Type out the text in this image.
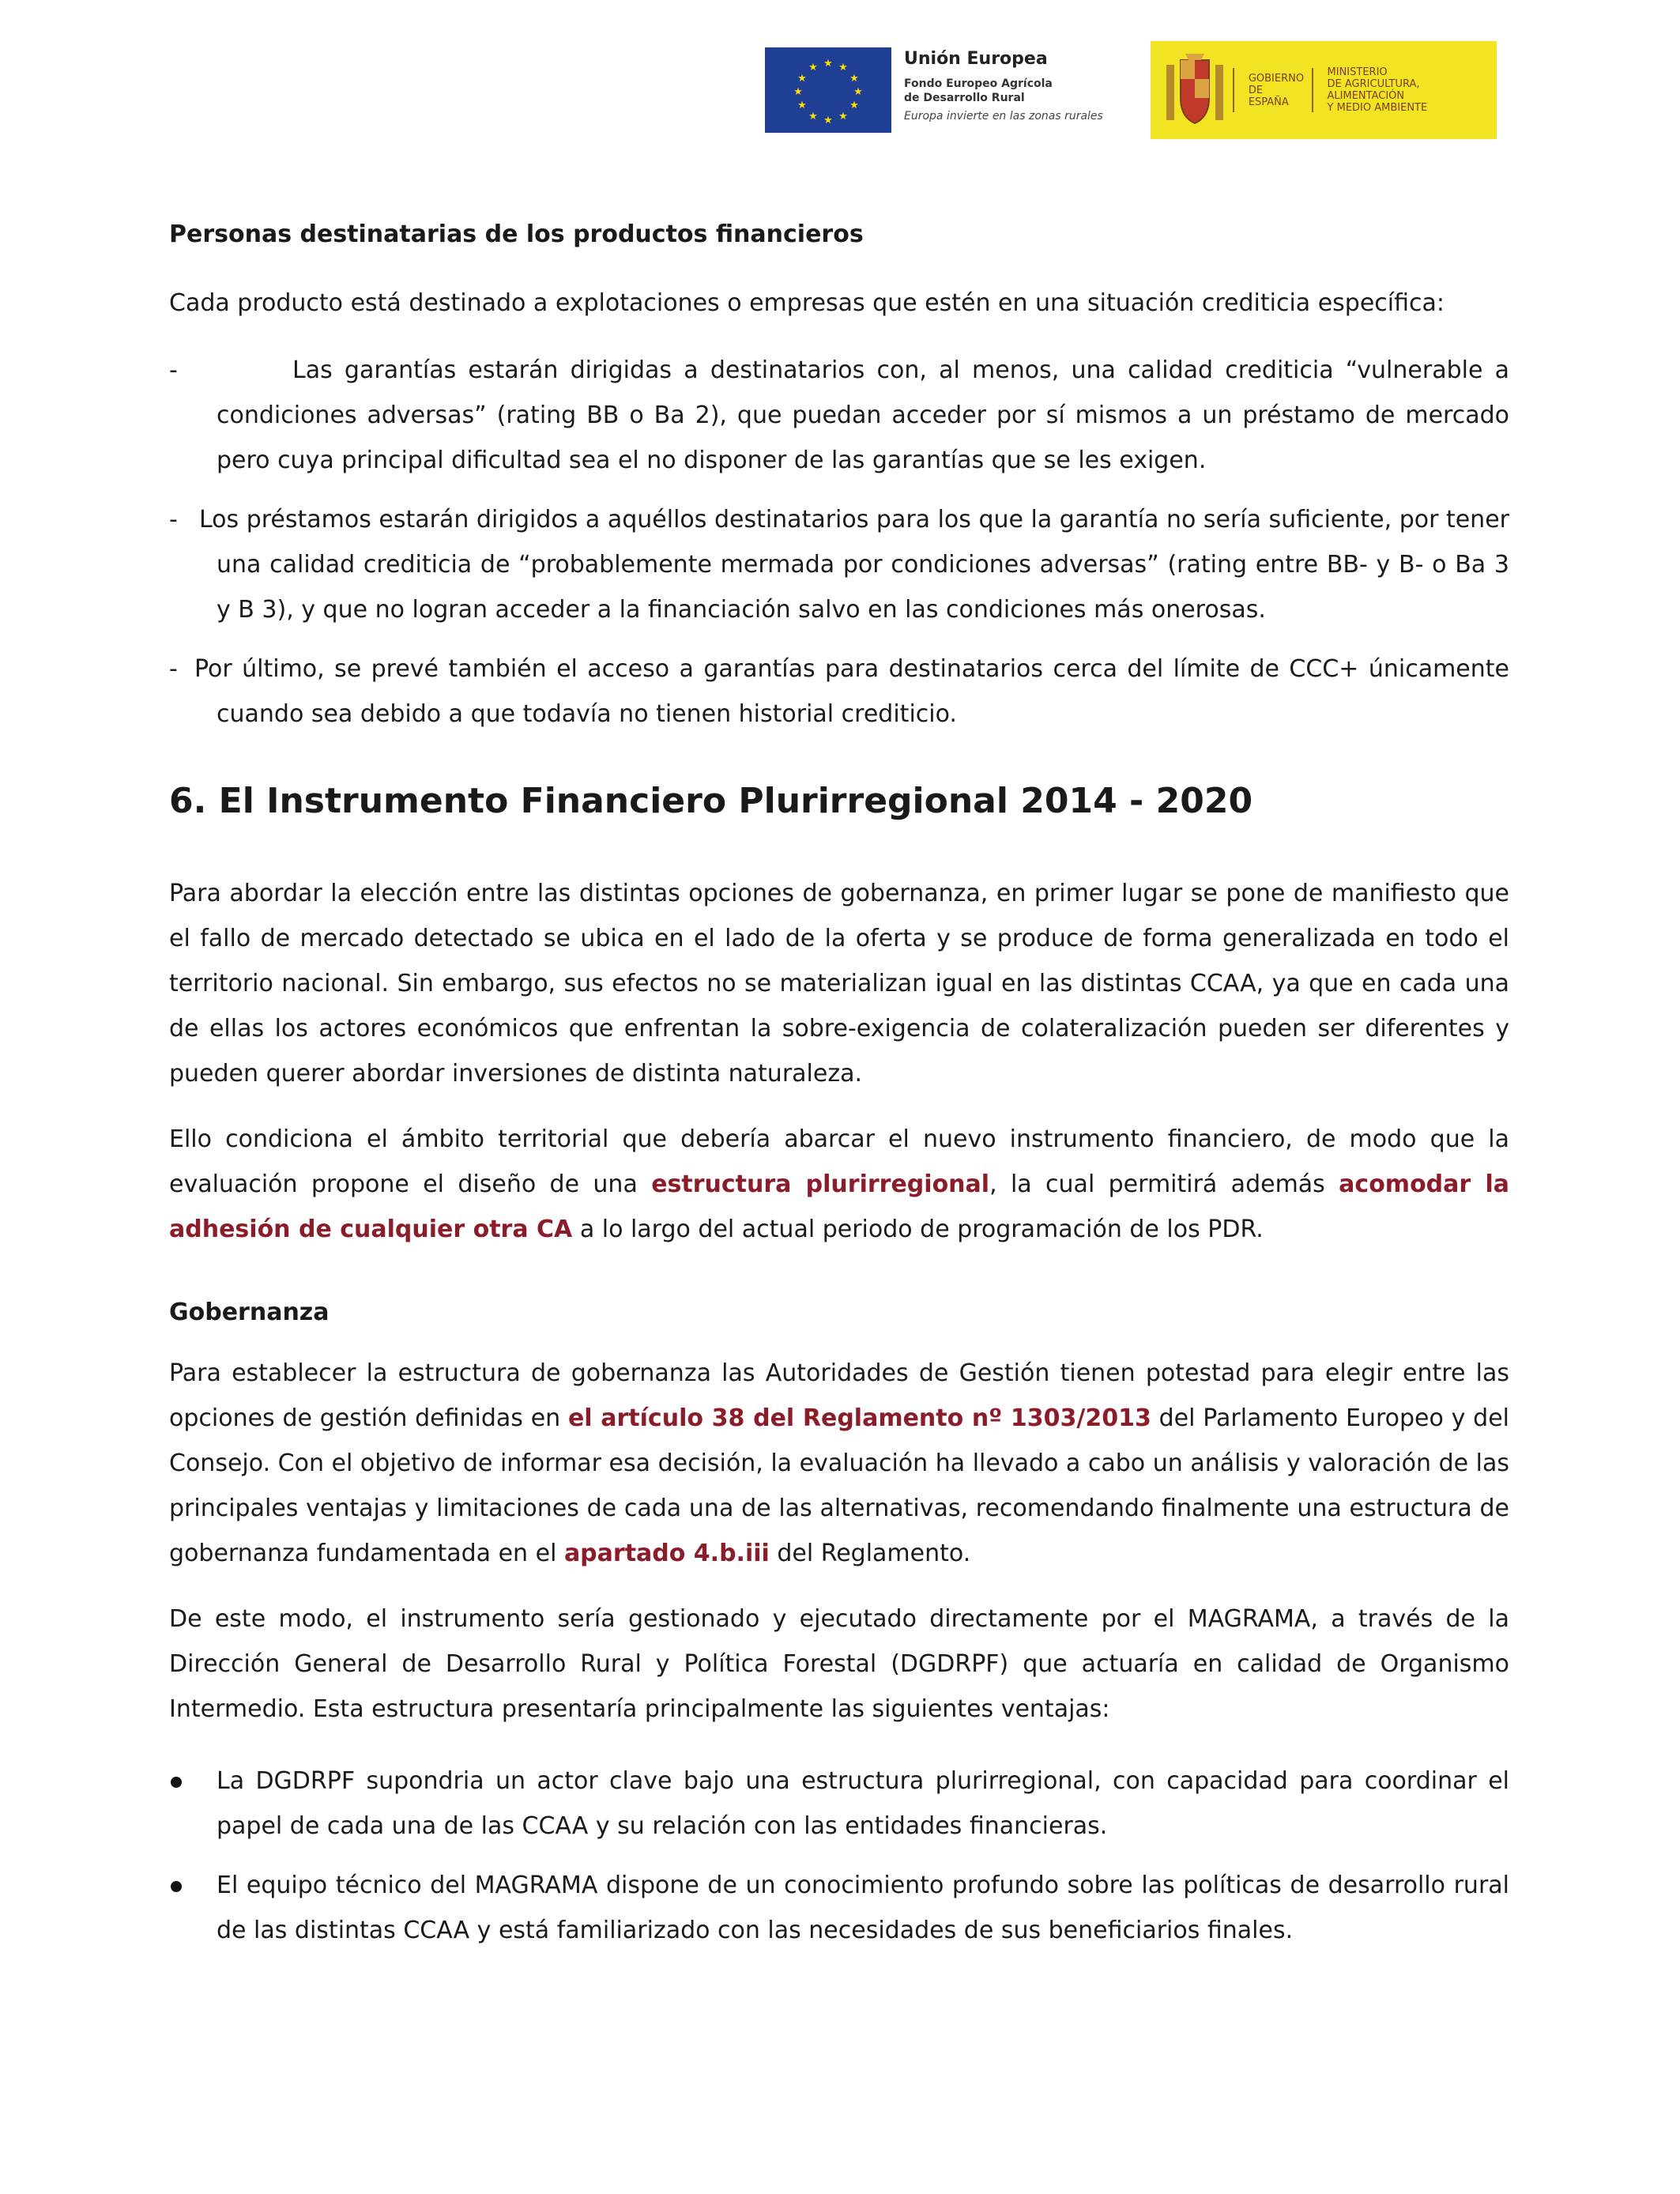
★ ★
★
★
★
★
★
★
★
★
★
★	Unión Europea
Fondo Europeo Agrícola
de Desarrollo Rural
Europa invierte en las zonas rurales
GOBIERNO
DE ESPAÑA
MINISTERIO
DE AGRICULTURA, ALIMENTACIÓN
Y MEDIO AMBIENTE

Personas destinatarias de los productos financieros

Cada producto está destinado a explotaciones o empresas que estén en una situación crediticia específica:

-	Las garantías estarán dirigidas a destinatarios con, al menos, una calidad crediticia “vulnerable a condiciones adversas” (rating BB o Ba 2), que puedan acceder por sí mismos a un préstamo de mercado pero cuya principal dificultad sea el no disponer de las garantías que se les exigen.
- Los préstamos estarán dirigidos a aquéllos destinatarios para los que la garantía no sería suficiente, por tener una calidad crediticia de “probablemente mermada por condiciones adversas” (rating entre BB- y B- o Ba 3 y B 3), y que no logran acceder a la financiación salvo en las condiciones más onerosas.
- Por último, se prevé también el acceso a garantías para destinatarios cerca del límite de CCC+ únicamente cuando sea debido a que todavía no tienen historial crediticio.

6. El Instrumento Financiero Plurirregional 2014 - 2020

Para abordar la elección entre las distintas opciones de gobernanza, en primer lugar se pone de manifiesto que el fallo de mercado detectado se ubica en el lado de la oferta y se produce de forma generalizada en todo el territorio nacional. Sin embargo, sus efectos no se materializan igual en las distintas CCAA, ya que en cada una de ellas los actores económicos que enfrentan la sobre-exigencia de colateralización pueden ser diferentes y pueden querer abordar inversiones de distinta naturaleza.

Ello condiciona el ámbito territorial que debería abarcar el nuevo instrumento financiero, de modo que la evaluación propone el diseño de una estructura plurirregional, la cual permitirá además acomodar la adhesión de cualquier otra CA a lo largo del actual periodo de programación de los PDR.

Gobernanza

Para establecer la estructura de gobernanza las Autoridades de Gestión tienen potestad para elegir entre las opciones de gestión definidas en el artículo 38 del Reglamento nº 1303/2013 del Parlamento Europeo y del Consejo. Con el objetivo de informar esa decisión, la evaluación ha llevado a cabo un análisis y valoración de las principales ventajas y limitaciones de cada una de las alternativas, recomendando finalmente una estructura de gobernanza fundamentada en el apartado 4.b.iii del Reglamento.

De este modo, el instrumento sería gestionado y ejecutado directamente por el MAGRAMA, a través de la Dirección General de Desarrollo Rural y Política Forestal (DGDRPF) que actuaría en calidad de Organismo Intermedio. Esta estructura presentaría principalmente las siguientes ventajas:

La DGDRPF supondria un actor clave bajo una estructura plurirregional, con capacidad para coordinar el papel de cada una de las CCAA y su relación con las entidades financieras.
El equipo técnico del MAGRAMA dispone de un conocimiento profundo sobre las políticas de desarrollo rural de las distintas CCAA y está familiarizado con las necesidades de sus beneficiarios finales.
